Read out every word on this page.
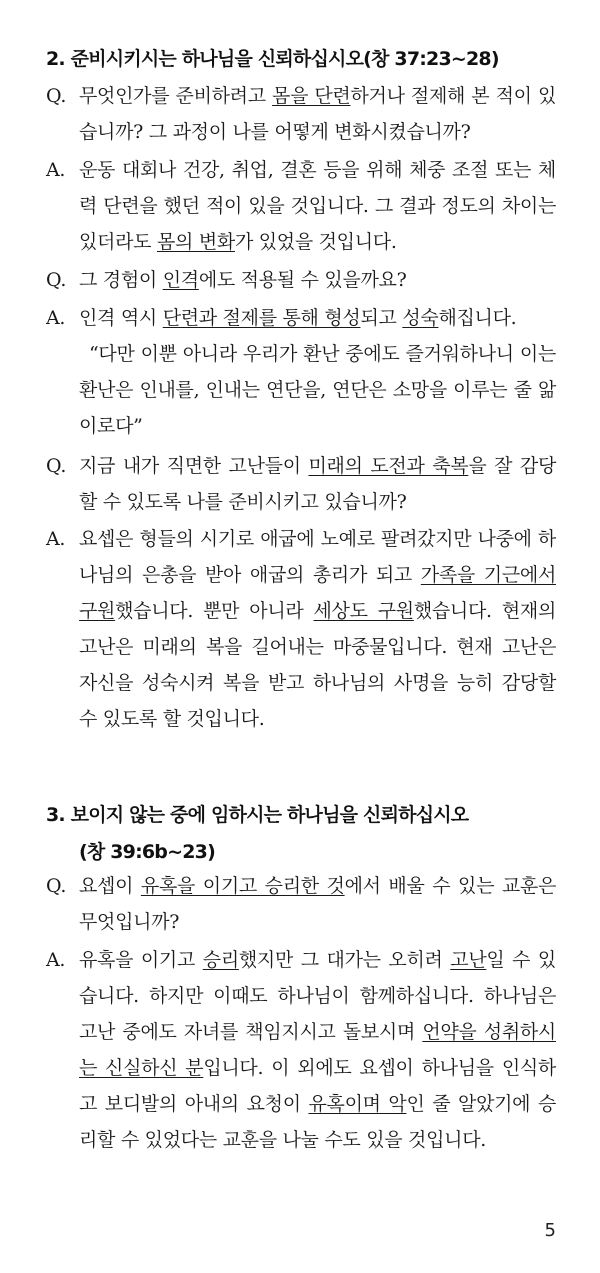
2. 준비시키시는 하나님을 신뢰하십시오(창 37:23~28)
Q. 무엇인가를 준비하려고 몸을 단련하거나 절제해 본 적이 있습니까? 그 과정이 나를 어떻게 변화시켰습니까?
A. 운동 대회나 건강, 취업, 결혼 등을 위해 체중 조절 또는 체력 단련을 했던 적이 있을 것입니다. 그 결과 정도의 차이는 있더라도 몸의 변화가 있었을 것입니다.
Q. 그 경험이 인격에도 적용될 수 있을까요?
A. 인격 역시 단련과 절제를 통해 형성되고 성숙해집니다.
“다만 이뿐 아니라 우리가 환난 중에도 즐거워하나니 이는 환난은 인내를, 인내는 연단을, 연단은 소망을 이루는 줄 앎이로다”
Q. 지금 내가 직면한 고난들이 미래의 도전과 축복을 잘 감당할 수 있도록 나를 준비시키고 있습니까?
A. 요셉은 형들의 시기로 애굽에 노예로 팔려갔지만 나중에 하나님의 은총을 받아 애굽의 총리가 되고 가족을 기근에서 구원했습니다. 뿐만 아니라 세상도 구원했습니다. 현재의 고난은 미래의 복을 길어내는 마중물입니다. 현재 고난은 자신을 성숙시켜 복을 받고 하나님의 사명을 능히 감당할 수 있도록 할 것입니다.
3. 보이지 않는 중에 임하시는 하나님을 신뢰하십시오
(창 39:6b~23)
Q. 요셉이 유혹을 이기고 승리한 것에서 배울 수 있는 교훈은 무엇입니까?
A. 유혹을 이기고 승리했지만 그 대가는 오히려 고난일 수 있습니다. 하지만 이때도 하나님이 함께하십니다. 하나님은 고난 중에도 자녀를 책임지시고 돌보시며 언약을 성취하시는 신실하신 분입니다. 이 외에도 요셉이 하나님을 인식하고 보디발의 아내의 요청이 유혹이며 악인 줄 알았기에 승리할 수 있었다는 교훈을 나눌 수도 있을 것입니다.
5
